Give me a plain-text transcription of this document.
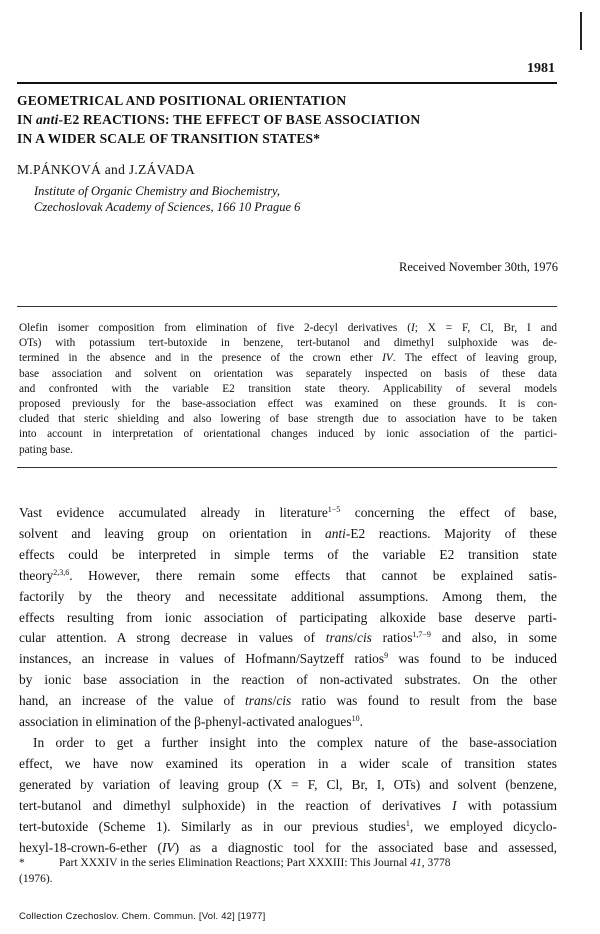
1981
GEOMETRICAL AND POSITIONAL ORIENTATION
IN anti-E2 REACTIONS: THE EFFECT OF BASE ASSOCIATION
IN A WIDER SCALE OF TRANSITION STATES*
M.PÁNKOVÁ and J.ZÁVADA
Institute of Organic Chemistry and Biochemistry,
Czechoslovak Academy of Sciences, 166 10 Prague 6
Received November 30th, 1976
Olefin isomer composition from elimination of five 2-decyl derivatives (I; X = F, Cl, Br, I and
OTs) with potassium tert-butoxide in benzene, tert-butanol and dimethyl sulphoxide was de-
termined in the absence and in the presence of the crown ether IV. The effect of leaving group,
base association and solvent on orientation was separately inspected on basis of these data
and confronted with the variable E2 transition state theory. Applicability of several models
proposed previously for the base-association effect was examined on these grounds. It is con-
cluded that steric shielding and also lowering of base strength due to association have to be taken
into account in interpretation of orientational changes induced by ionic association of the partici-
pating base.
Vast evidence accumulated already in literature$^{1-5}$ concerning the effect of base,
solvent and leaving group on orientation in anti-E2 reactions. Majority of these
effects could be interpreted in simple terms of the variable E2 transition state
theory$^{2,3,6}$. However, there remain some effects that cannot be explained satis-
factorily by the theory and necessitate additional assumptions. Among them, the
effects resulting from ionic association of participating alkoxide base deserve parti-
cular attention. A strong decrease in values of trans/cis ratios$^{1,7-9}$ and also, in some
instances, an increase in values of Hofmann/Saytzeff ratios$^9$ was found to be induced
by ionic base association in the reaction of non-activated substrates. On the other
hand, an increase of the value of trans/cis ratio was found to result from the base
association in elimination of the β-phenyl-activated analogues$^{10}$.
In order to get a further insight into the complex nature of the base-association
effect, we have now examined its operation in a wider scale of transition states
generated by variation of leaving group (X = F, Cl, Br, I, OTs) and solvent (benzene,
tert-butanol and dimethyl sulphoxide) in the reaction of derivatives I with potassium
tert-butoxide (Scheme 1). Similarly as in our previous studies$^1$, we employed dicyclo-
hexyl-18-crown-6-ether (IV) as a diagnostic tool for the associated base and assessed,
*	Part XXXIV in the series Elimination Reactions; Part XXXIII: This Journal 41, 3778
(1976).
Collection Czechoslov. Chem. Commun. [Vol. 42] [1977]
